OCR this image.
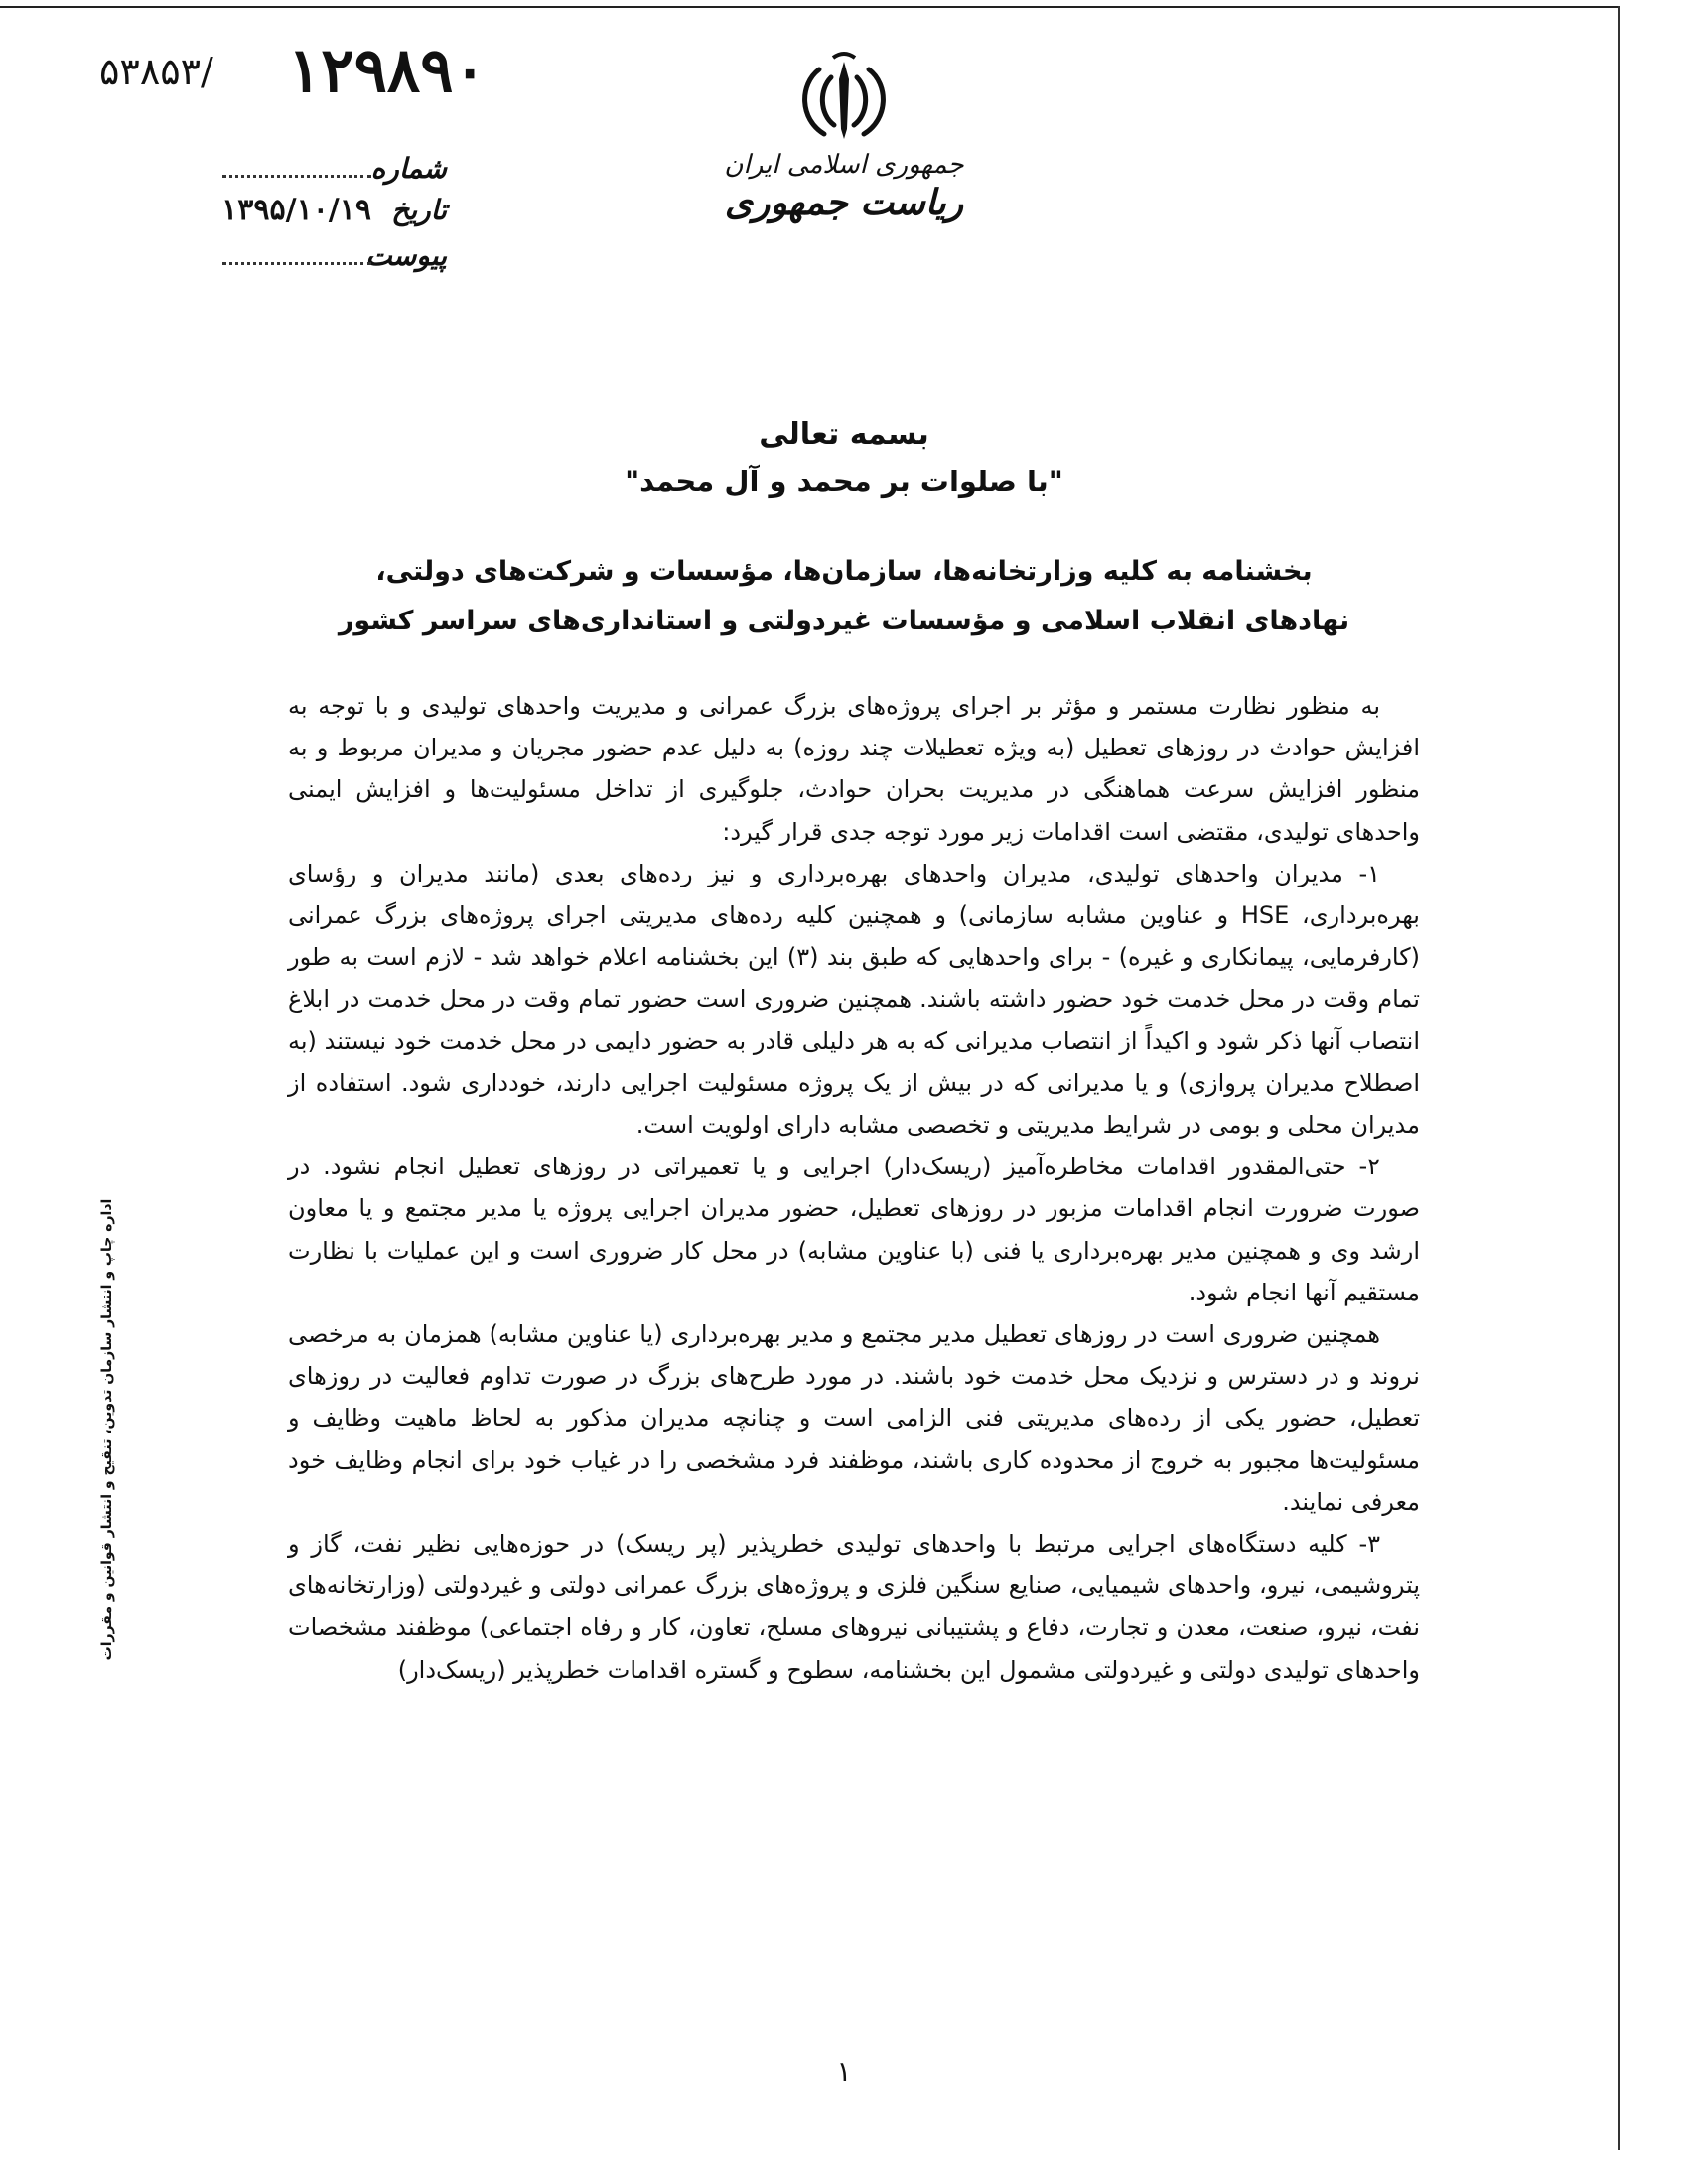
۵۳۸۵۳/ ۱۲۹۸۹۰
شماره
تاریخ
۱۳۹۵/۱۰/۱۹
پیوست
جمهوری اسلامی ایران
ریاست جمهوری
بسمه تعالی
"با صلوات بر محمد و آل محمد"
بخشنامه به کلیه وزارتخانه‌ها، سازمان‌ها، مؤسسات و شرکت‌های دولتی،
نهادهای انقلاب اسلامی و مؤسسات غیردولتی و استانداری‌های سراسر کشور

به منظور نظارت مستمر و مؤثر بر اجرای پروژه‌های بزرگ عمرانی و مدیریت واحدهای تولیدی و با توجه به افزایش حوادث در روزهای تعطیل (به ویژه تعطیلات چند روزه) به دلیل عدم حضور مجریان و مدیران مربوط و به منظور افزایش سرعت هماهنگی در مدیریت بحران حوادث، جلوگیری از تداخل مسئولیت‌ها و افزایش ایمنی واحدهای تولیدی، مقتضی است اقدامات زیر مورد توجه جدی قرار گیرد:

۱- مدیران واحدهای تولیدی، مدیران واحدهای بهره‌برداری و نیز رده‌های بعدی (مانند مدیران و رؤسای بهره‌برداری، HSE و عناوین مشابه سازمانی) و همچنین کلیه رده‌های مدیریتی اجرای پروژه‌های بزرگ عمرانی (کارفرمایی، پیمانکاری و غیره) - برای واحدهایی که طبق بند (۳) این بخشنامه اعلام خواهد شد - لازم است به طور تمام وقت در محل خدمت خود حضور داشته باشند. همچنین ضروری است حضور تمام وقت در محل خدمت در ابلاغ انتصاب آنها ذکر شود و اکیداً از انتصاب مدیرانی که به هر دلیلی قادر به حضور دایمی در محل خدمت خود نیستند (به اصطلاح مدیران پروازی) و یا مدیرانی که در بیش از یک پروژه مسئولیت اجرایی دارند، خودداری شود. استفاده از مدیران محلی و بومی در شرایط مدیریتی و تخصصی مشابه دارای اولویت است.

۲- حتی‌المقدور اقدامات مخاطره‌آمیز (ریسک‌دار) اجرایی و یا تعمیراتی در روزهای تعطیل انجام نشود. در صورت ضرورت انجام اقدامات مزبور در روزهای تعطیل، حضور مدیران اجرایی پروژه یا مدیر مجتمع و یا معاون ارشد وی و همچنین مدیر بهره‌برداری یا فنی (با عناوین مشابه) در محل کار ضروری است و این عملیات با نظارت مستقیم آنها انجام شود.

همچنین ضروری است در روزهای تعطیل مدیر مجتمع و مدیر بهره‌برداری (یا عناوین مشابه) همزمان به مرخصی نروند و در دسترس و نزدیک محل خدمت خود باشند. در مورد طرح‌های بزرگ در صورت تداوم فعالیت در روزهای تعطیل، حضور یکی از رده‌های مدیریتی فنی الزامی است و چنانچه مدیران مذکور به لحاظ ماهیت وظایف و مسئولیت‌ها مجبور به خروج از محدوده کاری باشند، موظفند فرد مشخصی را در غیاب خود برای انجام وظایف خود معرفی نمایند.

۳- کلیه دستگاه‌های اجرایی مرتبط با واحدهای تولیدی خطرپذیر (پر ریسک) در حوزه‌هایی نظیر نفت، گاز و پتروشیمی، نیرو، واحدهای شیمیایی، صنایع سنگین فلزی و پروژه‌های بزرگ عمرانی دولتی و غیردولتی (وزارتخانه‌های نفت، نیرو، صنعت، معدن و تجارت، دفاع و پشتیبانی نیروهای مسلح، تعاون، کار و رفاه اجتماعی) موظفند مشخصات واحدهای تولیدی دولتی و غیردولتی مشمول این بخشنامه، سطوح و گستره اقدامات خطرپذیر (ریسک‌دار)

۱
اداره چاپ و انتشار سازمان تدوین، تنقیح و انتشار قوانین و مقررات
